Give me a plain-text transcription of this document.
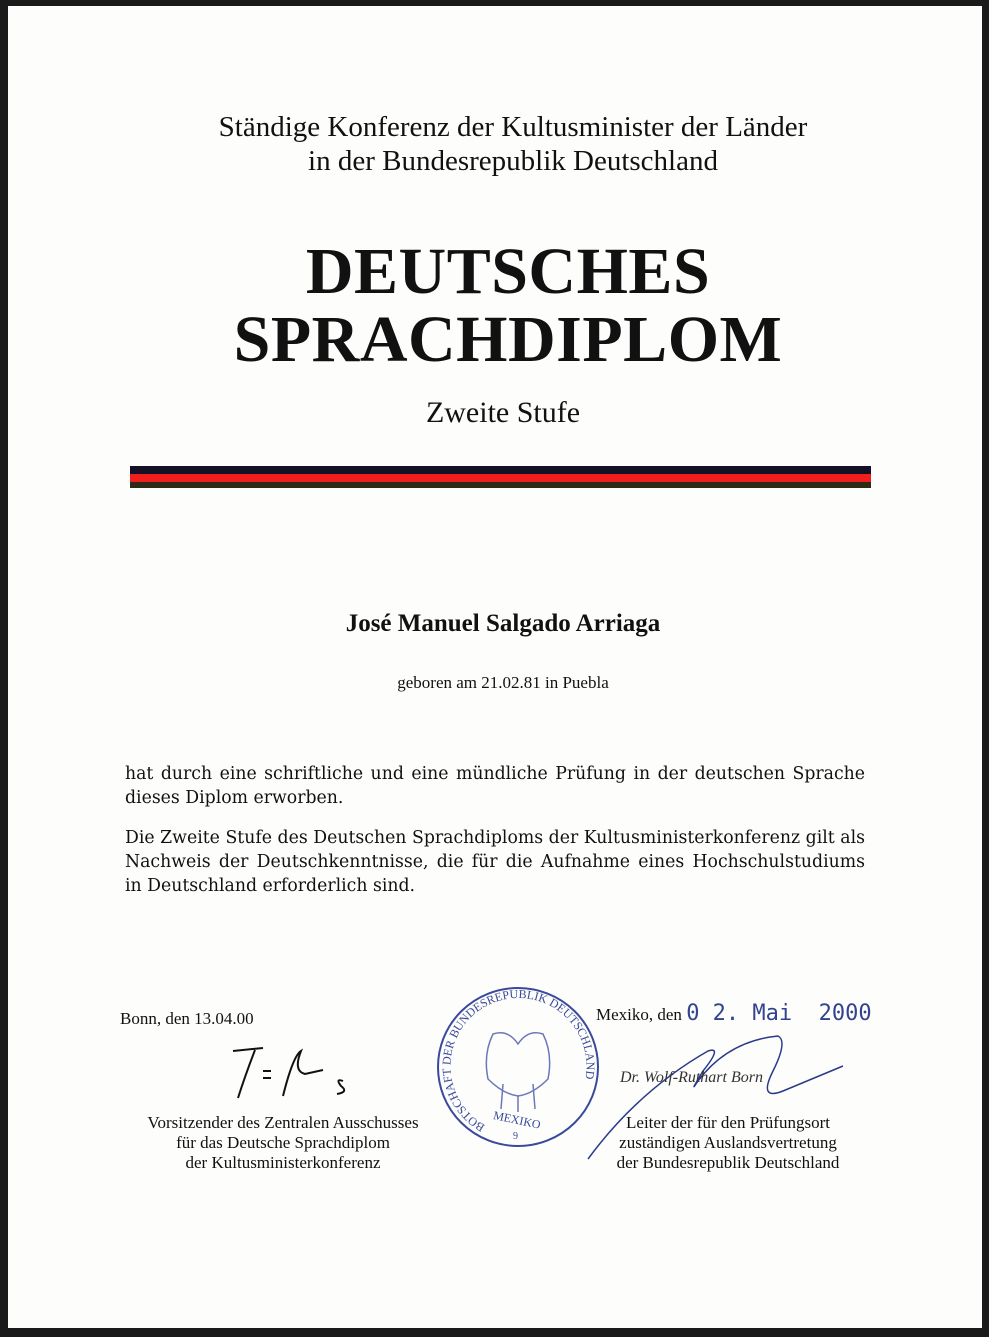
Ständige Konferenz der Kultusminister der Länder
in der Bundesrepublik Deutschland
DEUTSCHES
SPRACHDIPLOM
Zweite Stufe
José Manuel Salgado Arriaga
geboren am 21.02.81 in Puebla
hat durch eine schriftliche und eine mündliche Prüfung in der deutschen Sprache dieses Diplom erworben.
Die Zweite Stufe des Deutschen Sprachdiploms der Kultusministerkonferenz gilt als Nachweis der Deutschkenntnisse, die für die Aufnahme eines Hochschulstudiums in Deutschland erforderlich sind.
Bonn, den 13.04.00
Vorsitzender des Zentralen Ausschusses
für das Deutsche Sprachdiplom
der Kultusministerkonferenz
BOTSCHAFT DER BUNDESREPUBLIK DEUTSCHLAND
MEXIKO
9
Mexiko, den 0 2. Mai  2000
Dr. Wolf-Ruthart Born
Leiter der für den Prüfungsort
zuständigen Auslandsvertretung
der Bundesrepublik Deutschland
